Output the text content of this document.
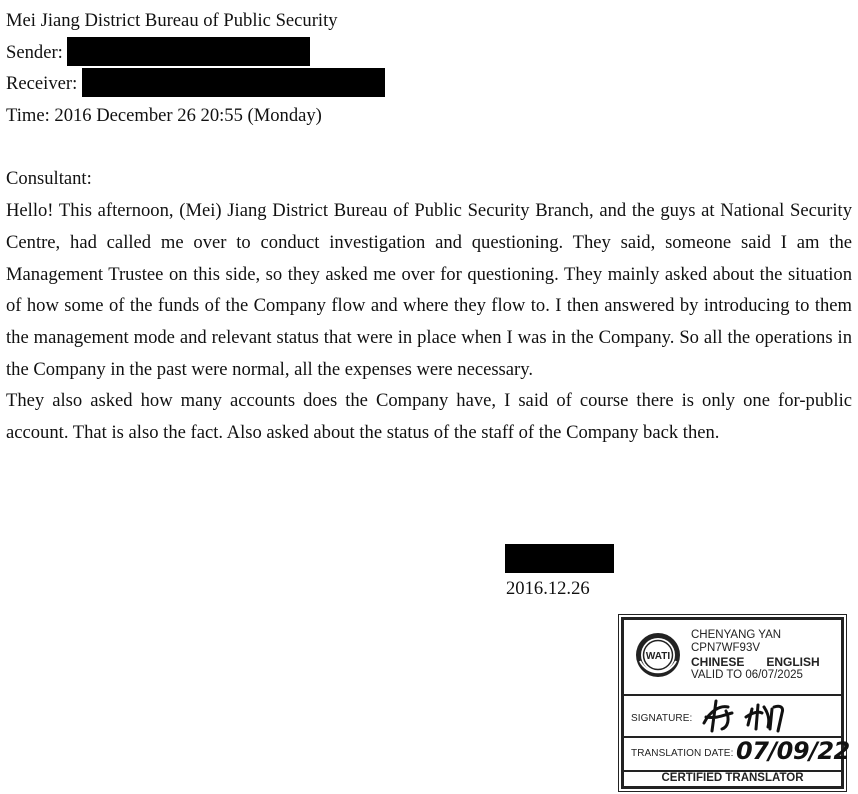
Mei Jiang District Bureau of Public Security
Sender:
Receiver:
Time: 2016 December 26 20:55 (Monday)
Consultant:
Hello! This afternoon, (Mei) Jiang District Bureau of Public Security Branch, and the guys at National Security Centre, had called me over to conduct investigation and questioning. They said, someone said I am the Management Trustee on this side, so they asked me over for questioning. They mainly asked about the situation of how some of the funds of the Company flow and where they flow to. I then answered by introducing to them the management mode and relevant status that were in place when I was in the Company. So all the operations in the Company in the past were normal, all the expenses were necessary.
They also asked how many accounts does the Company have, I said of course there is only one for-public account. That is also the fact. Also asked about the status of the staff of the Company back then.
2016.12.26
WATI
CHENYANG YAN
CPN7WF93V
CHINESE ENGLISH
VALID TO 06/07/2025
SIGNATURE:
TRANSLATION DATE: 07/09/22
CERTIFIED TRANSLATOR
